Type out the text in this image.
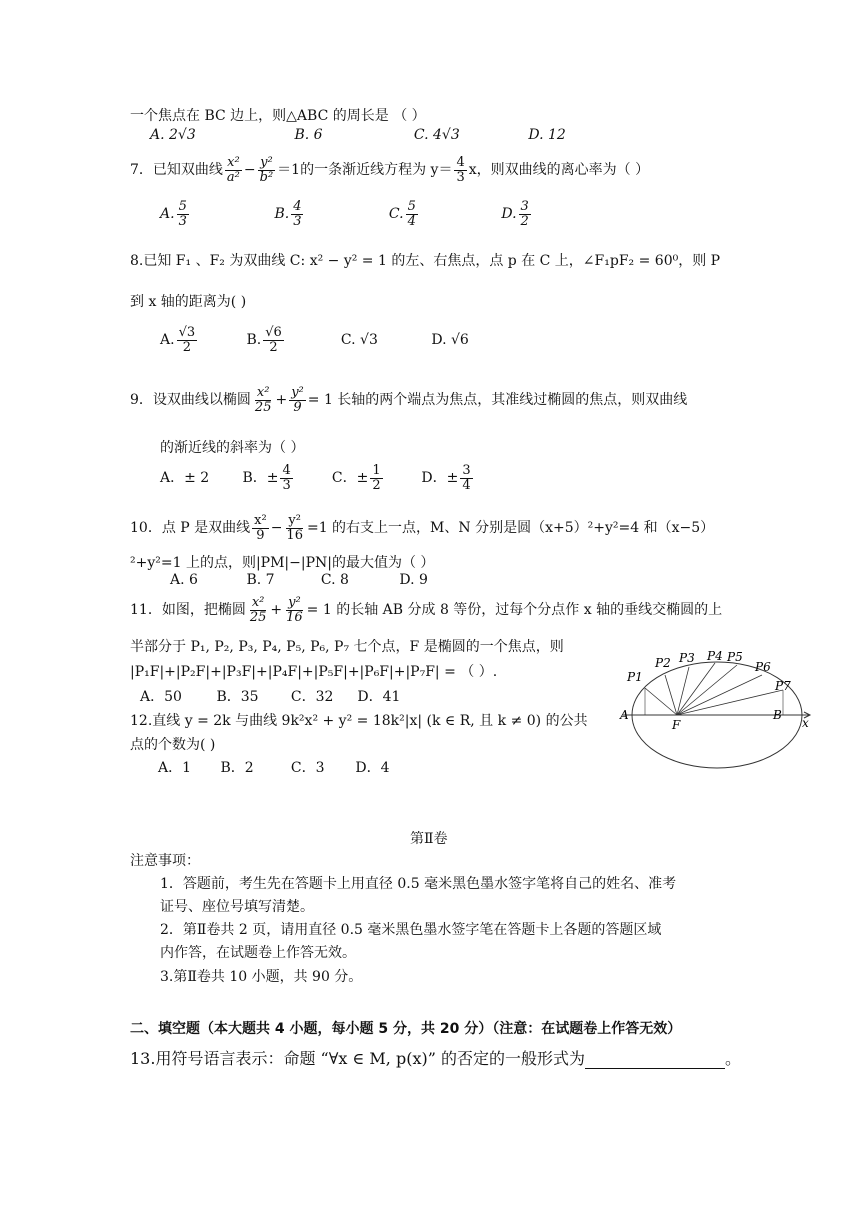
一个焦点在 BC 边上，则△ABC 的周长是 （ ）
A. 2√3	B. 6	C. 4√3	D. 12
7．已知双曲线 $\frac{\text{x²}}{\text{a²}} - \frac{\text{y²}}{\text{b²}} =1$的一条渐近线方程为 $y= \frac{4}{3}$ x，则双曲线的离心率为（ ）
A. $\frac{5}{3}$	B. $\frac{4}{3}$	C. $\frac{5}{4}$	D. $\frac{3}{2}$
8.已知 F₁ 、F₂ 为双曲线 C: x² − y² = 1 的左、右焦点，点 p 在 C 上，∠F₁pF₂ = 60⁰，则 P
到 x 轴的距离为( )
A. $\frac{√3}{2}$	B. $\frac{√6}{2}$	C. √3	D. √6
9．设双曲线以椭圆 $\frac{\text{x²}}{25} + \frac{\text{y²}}{9} = 1$ 长轴的两个端点为焦点，其准线过椭圆的焦点，则双曲线
的渐近线的斜率为（ ）
A．± 2 B．± $\frac{4}{3}$	C．± $\frac{1}{2}$	D．± $\frac{3}{4}$
10．点 P 是双曲线 $\frac{\text{x²}}{9} - \frac{\text{y²}}{16} =1$ 的右支上一点，M、N 分别是圆（x+5）²+y²=4 和（x−5）
²+y²=1 上的点，则|PM|−|PN|的最大值为（ ）
A. 6	B. 7	C. 8	D. 9
11．如图，把椭圆 $\frac{\text{x²}}{25} + \frac{\text{y²}}{16} = 1$ 的长轴 AB 分成 8 等份，过每个分点作 x 轴的垂线交椭圆的上
半部分于 P₁, P₂, P₃, P₄, P₅, P₆, P₇ 七个点，F 是椭圆的一个焦点，则
|P₁F|+|P₂F|+|P₃F|+|P₄F|+|P₅F|+|P₆F|+|P₇F| = （ ）.
A．50 B．35 C．32 D．41
12.直线 y = 2k 与曲线 9k²x² + y² = 18k²|x| (k ∈ R, 且 k ≠ 0) 的公共
点的个数为( )
A．1 B．2	C．3 D．4
P1
P2 P3 P4 P5
P6
P7
A
F
B
x
第Ⅱ卷
注意事项：
1．答题前，考生先在答题卡上用直径 0.5 毫米黑色墨水签字笔将自己的姓名、准考
证号、座位号填写清楚。
2．第Ⅱ卷共 2 页，请用直径 0.5 毫米黑色墨水签字笔在答题卡上各题的答题区域
内作答，在试题卷上作答无效。
3.第Ⅱ卷共 10 小题，共 90 分。
二、填空题（本大题共 4 小题，每小题 5 分，共 20 分）（注意：在试题卷上作答无效）
13.用符号语言表示：命题 “∀x ∈ M, p(x)” 的否定的一般形式为	。
